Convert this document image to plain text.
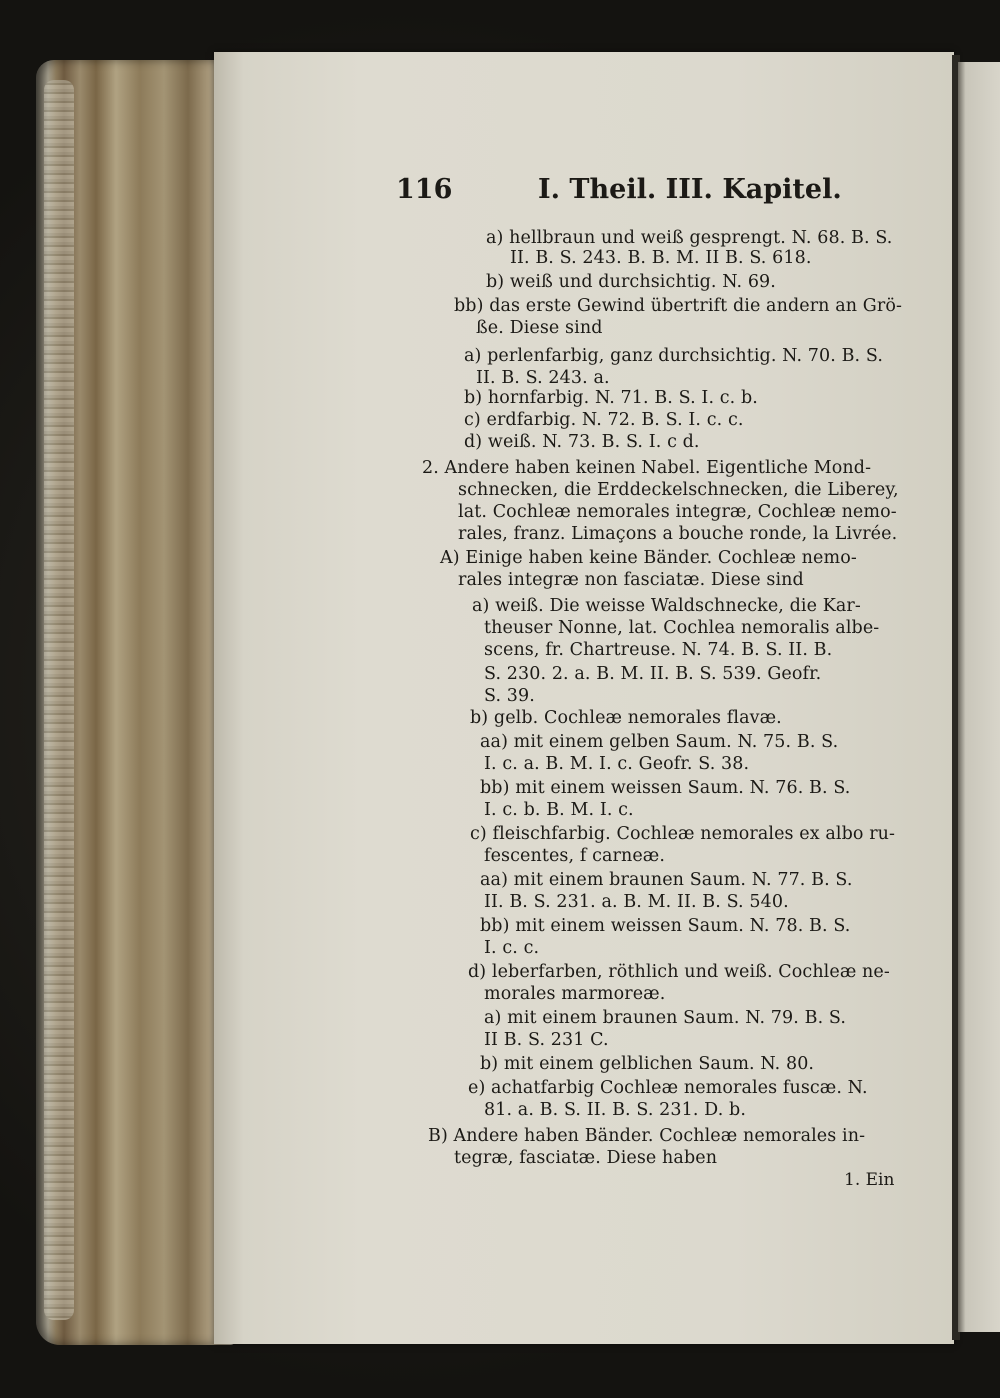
116	I. Theil. III. Kapitel.
a) hellbraun und weiß gesprengt. N. 68. B. S.
II. B. S. 243. B. B. M. II B. S. 618.
b) weiß und durchsichtig. N. 69.
bb) das erste Gewind übertrift die andern an Grö-
ße. Diese sind
a) perlenfarbig, ganz durchsichtig. N. 70. B. S.
II. B. S. 243. a.
b) hornfarbig. N. 71. B. S. I. c. b.
c) erdfarbig. N. 72. B. S. I. c. c.
d) weiß. N. 73. B. S. I. c d.
2. Andere haben keinen Nabel. Eigentliche Mond-
schnecken, die Erddeckelschnecken, die Liberey,
lat. Cochleæ nemorales integræ, Cochleæ nemo-
rales, franz. Limaçons a bouche ronde, la Livrée.
A) Einige haben keine Bänder. Cochleæ nemo-
rales integræ non fasciatæ. Diese sind
a) weiß. Die weisse Waldschnecke, die Kar-
theuser Nonne, lat. Cochlea nemoralis albe-
scens, fr. Chartreuse. N. 74. B. S. II. B.
S. 230. 2. a. B. M. II. B. S. 539. Geofr.
S. 39.
b) gelb. Cochleæ nemorales flavæ.
aa) mit einem gelben Saum. N. 75. B. S.
I. c. a. B. M. I. c. Geofr. S. 38.
bb) mit einem weissen Saum. N. 76. B. S.
I. c. b. B. M. I. c.
c) fleischfarbig. Cochleæ nemorales ex albo ru-
fescentes, f carneæ.
aa) mit einem braunen Saum. N. 77. B. S.
II. B. S. 231. a. B. M. II. B. S. 540.
bb) mit einem weissen Saum. N. 78. B. S.
I. c. c.
d) leberfarben, röthlich und weiß. Cochleæ ne-
morales marmoreæ.
a) mit einem braunen Saum. N. 79. B. S.
II B. S. 231 C.
b) mit einem gelblichen Saum. N. 80.
e) achatfarbig Cochleæ nemorales fuscæ. N.
81. a. B. S. II. B. S. 231. D. b.
B) Andere haben Bänder. Cochleæ nemorales in-
tegræ, fasciatæ. Diese haben
1. Ein
